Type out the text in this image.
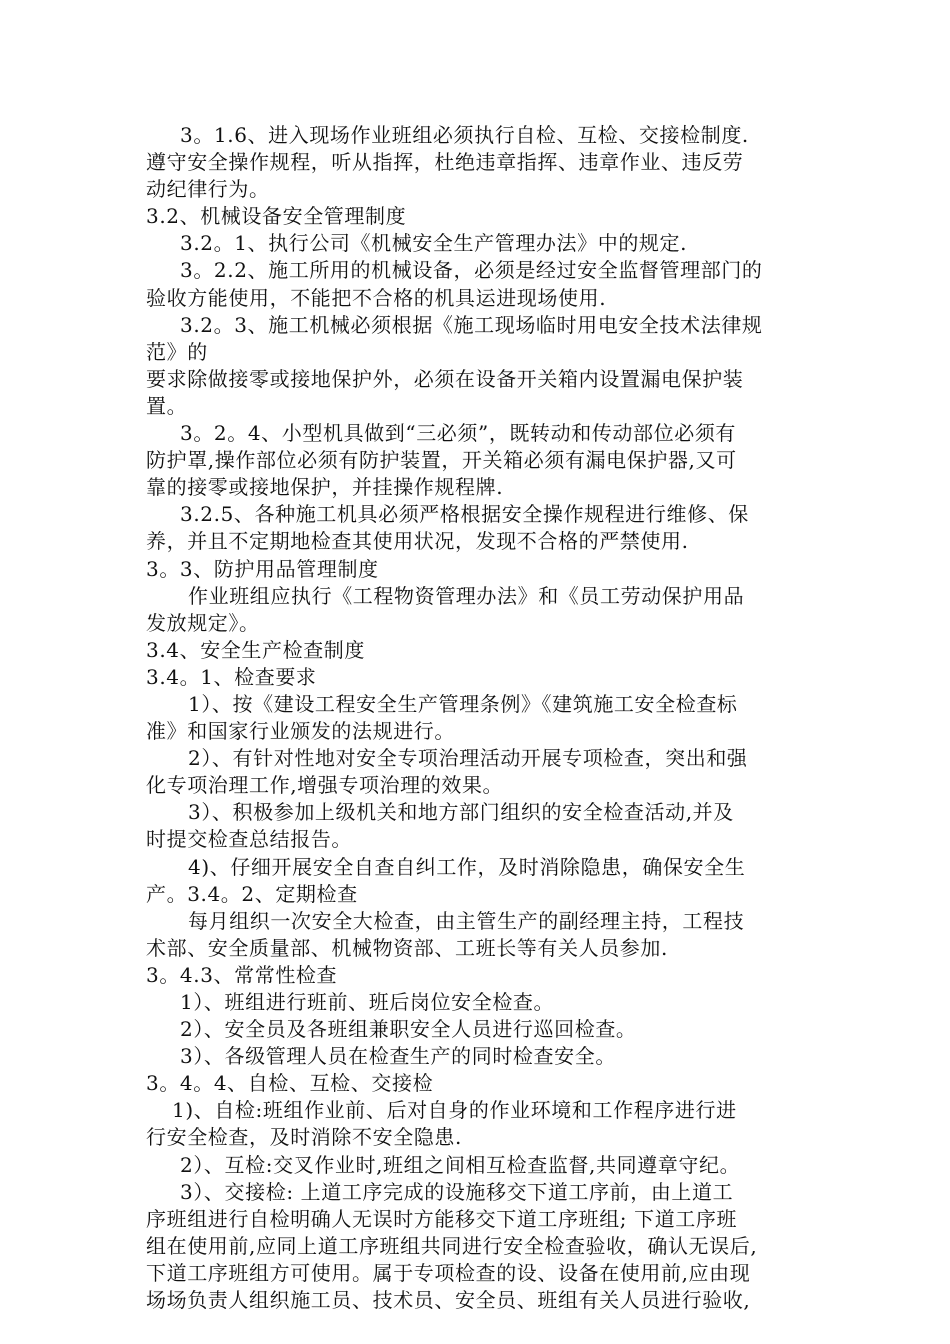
3。1.6、进入现场作业班组必须执行自检、互检、交接检制度.
遵守安全操作规程，听从指挥，杜绝违章指挥、违章作业、违反劳
动纪律行为。
3.2、机械设备安全管理制度
3.2。1、执行公司《机械安全生产管理办法》中的规定.
3。2.2、施工所用的机械设备，必须是经过安全监督管理部门的
验收方能使用，不能把不合格的机具运进现场使用.
3.2。3、施工机械必须根据《施工现场临时用电安全技术法律规
范》的
要求除做接零或接地保护外，必须在设备开关箱内设置漏电保护装
置。
3。2。4、小型机具做到“三必须”，既转动和传动部位必须有
防护罩,操作部位必须有防护装置，开关箱必须有漏电保护器,又可
靠的接零或接地保护，并挂操作规程牌.
3.2.5、各种施工机具必须严格根据安全操作规程进行维修、保
养，并且不定期地检查其使用状况，发现不合格的严禁使用.
3。3、防护用品管理制度
作业班组应执行《工程物资管理办法》和《员工劳动保护用品
发放规定》。
3.4、安全生产检查制度
3.4。1、检查要求
1）、按《建设工程安全生产管理条例》《建筑施工安全检查标
准》和国家行业颁发的法规进行。
2）、有针对性地对安全专项治理活动开展专项检查，突出和强
化专项治理工作,增强专项治理的效果。
3）、积极参加上级机关和地方部门组织的安全检查活动,并及
时提交检查总结报告。
4)、仔细开展安全自查自纠工作，及时消除隐患，确保安全生
产。3.4。2、定期检查
每月组织一次安全大检查，由主管生产的副经理主持，工程技
术部、安全质量部、机械物资部、工班长等有关人员参加.
3。4.3、常常性检查
1）、班组进行班前、班后岗位安全检查。
2）、安全员及各班组兼职安全人员进行巡回检查。
3）、各级管理人员在检查生产的同时检查安全。
3。4。4、自检、互检、交接检
1)、自检:班组作业前、后对自身的作业环境和工作程序进行进
行安全检查，及时消除不安全隐患.
2）、互检:交叉作业时,班组之间相互检查监督,共同遵章守纪。
3）、交接检: 上道工序完成的设施移交下道工序前，由上道工
序班组进行自检明确人无误时方能移交下道工序班组; 下道工序班
组在使用前,应同上道工序班组共同进行安全检查验收，确认无误后,
下道工序班组方可使用。属于专项检查的设、设备在使用前,应由现
场场负责人组织施工员、技术员、安全员、班组有关人员进行验收,
